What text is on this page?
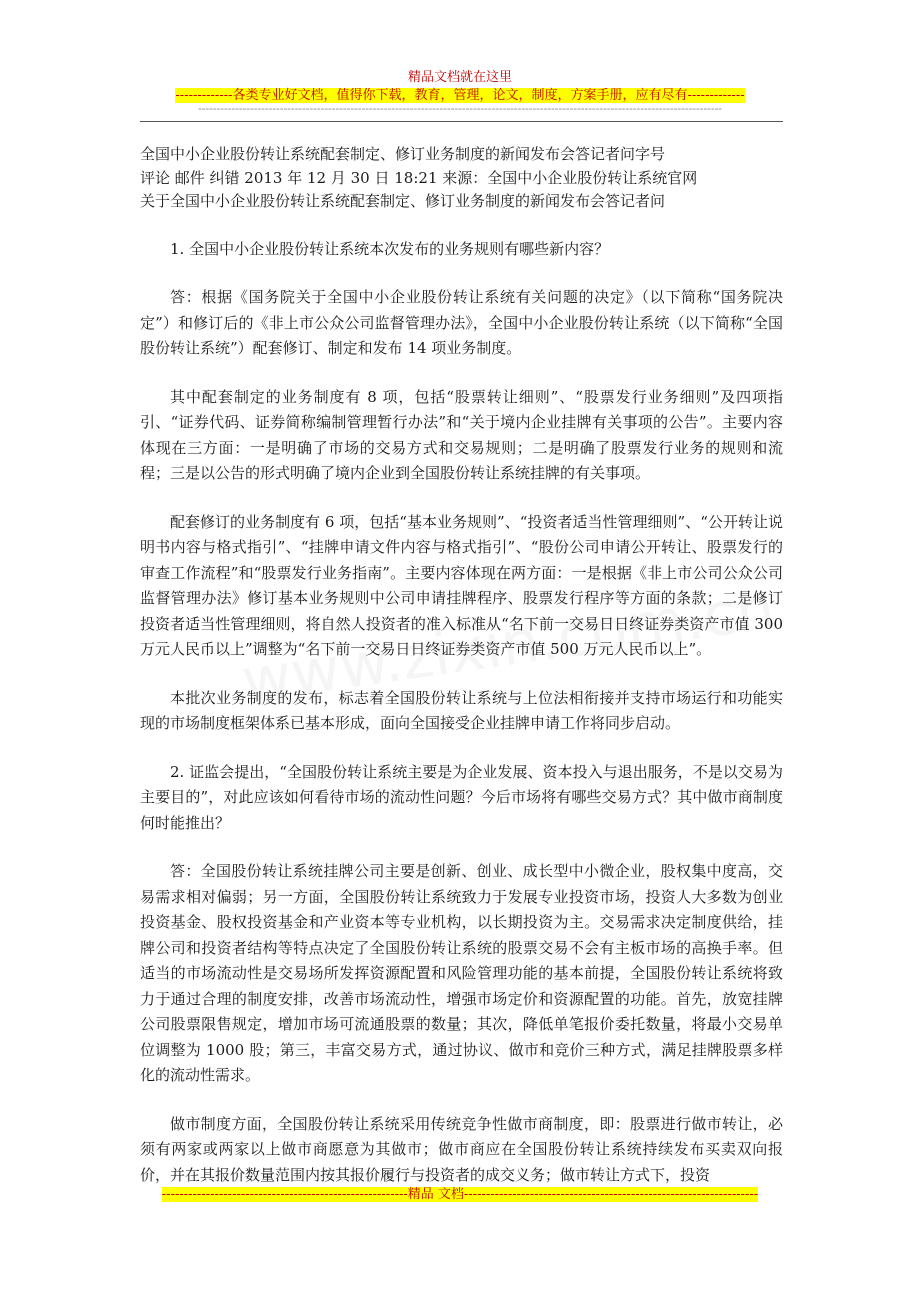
精品文档就在这里
-------------各类专业好文档，值得你下载，教育，管理，论文，制度，方案手册，应有尽有-------------
---------------------------------------------------------------------------------------------------------------------------------------------

全国中小企业股份转让系统配套制定、修订业务制度的新闻发布会答记者问字号

评论 邮件 纠错 2013 年 12 月 30 日 18:21 来源：全国中小企业股份转让系统官网

关于全国中小企业股份转让系统配套制定、修订业务制度的新闻发布会答记者问

1. 全国中小企业股份转让系统本次发布的业务规则有哪些新内容？

答：根据《国务院关于全国中小企业股份转让系统有关问题的决定》（以下简称“国务院决定”）和修订后的《非上市公众公司监督管理办法》，全国中小企业股份转让系统（以下简称“全国股份转让系统”）配套修订、制定和发布 14 项业务制度。

其中配套制定的业务制度有 8 项，包括“股票转让细则”、“股票发行业务细则”及四项指引、“证券代码、证券简称编制管理暂行办法”和“关于境内企业挂牌有关事项的公告”。主要内容体现在三方面：一是明确了市场的交易方式和交易规则；二是明确了股票发行业务的规则和流程；三是以公告的形式明确了境内企业到全国股份转让系统挂牌的有关事项。

配套修订的业务制度有 6 项，包括“基本业务规则”、“投资者适当性管理细则”、“公开转让说明书内容与格式指引”、“挂牌申请文件内容与格式指引”、“股份公司申请公开转让、股票发行的审查工作流程”和“股票发行业务指南”。主要内容体现在两方面：一是根据《非上市公司公众公司监督管理办法》修订基本业务规则中公司申请挂牌程序、股票发行程序等方面的条款；二是修订投资者适当性管理细则，将自然人投资者的准入标准从“名下前一交易日日终证券类资产市值 300 万元人民币以上”调整为“名下前一交易日日终证券类资产市值 500 万元人民币以上”。

本批次业务制度的发布，标志着全国股份转让系统与上位法相衔接并支持市场运行和功能实现的市场制度框架体系已基本形成，面向全国接受企业挂牌申请工作将同步启动。

2. 证监会提出，“全国股份转让系统主要是为企业发展、资本投入与退出服务，不是以交易为主要目的”，对此应该如何看待市场的流动性问题？今后市场将有哪些交易方式？其中做市商制度何时能推出？

答：全国股份转让系统挂牌公司主要是创新、创业、成长型中小微企业，股权集中度高，交易需求相对偏弱；另一方面，全国股份转让系统致力于发展专业投资市场，投资人大多数为创业投资基金、股权投资基金和产业资本等专业机构，以长期投资为主。交易需求决定制度供给，挂牌公司和投资者结构等特点决定了全国股份转让系统的股票交易不会有主板市场的高换手率。但适当的市场流动性是交易场所发挥资源配置和风险管理功能的基本前提，全国股份转让系统将致力于通过合理的制度安排，改善市场流动性，增强市场定价和资源配置的功能。首先，放宽挂牌公司股票限售规定，增加市场可流通股票的数量；其次，降低单笔报价委托数量，将最小交易单位调整为 1000 股；第三，丰富交易方式，通过协议、做市和竞价三种方式，满足挂牌股票多样化的流动性需求。

做市制度方面，全国股份转让系统采用传统竞争性做市商制度，即：股票进行做市转让，必须有两家或两家以上做市商愿意为其做市；做市商应在全国股份转让系统持续发布买卖双向报价，并在其报价数量范围内按其报价履行与投资者的成交义务；做市转让方式下，投资

--------------------------------------------------------精品 文档-------------------------------------------------------------------
